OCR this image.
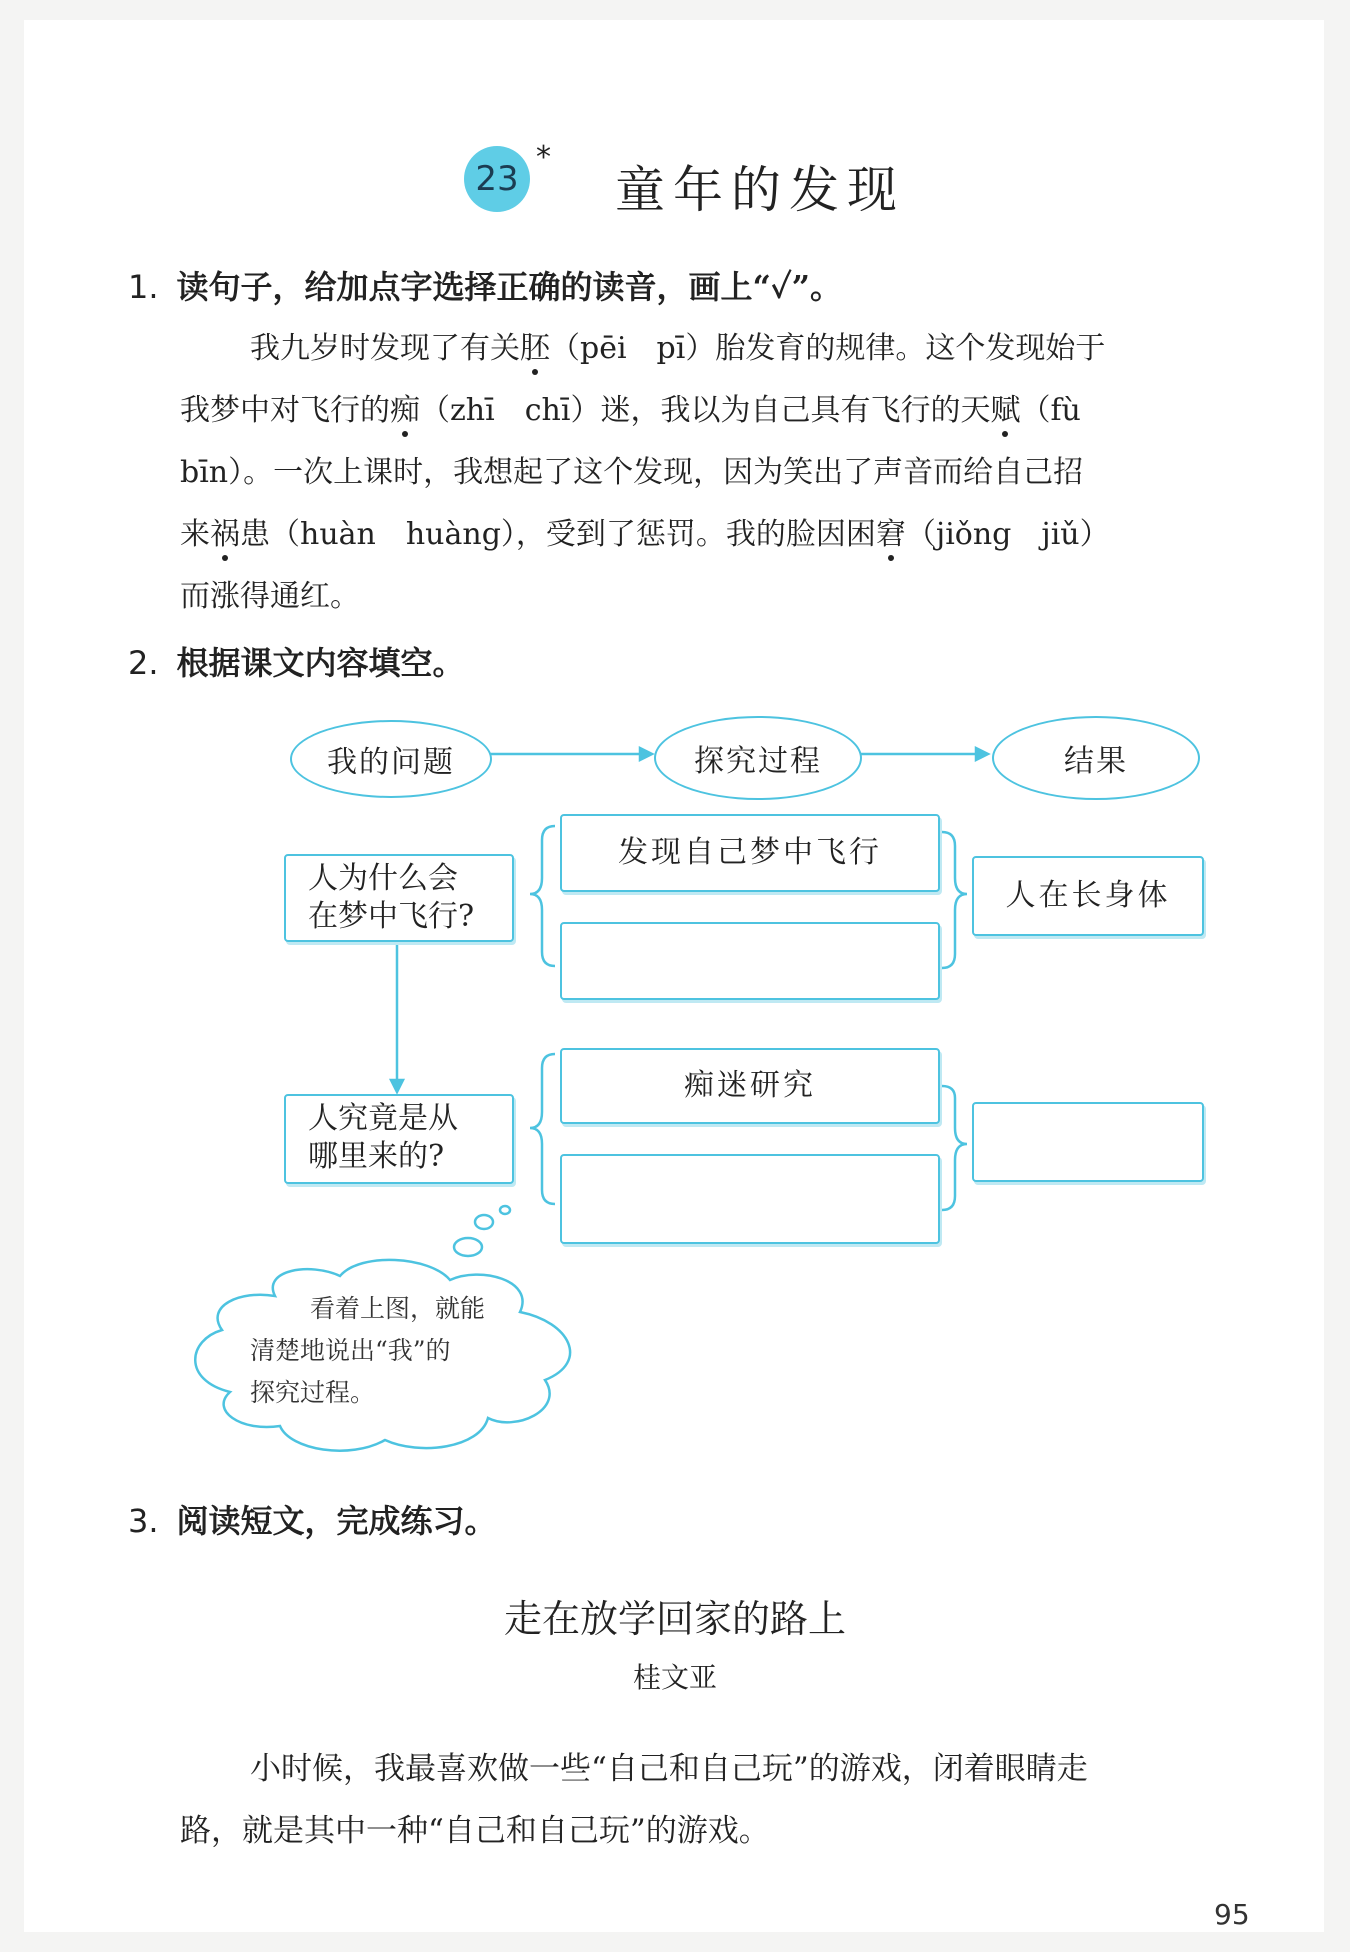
23
*
童年的发现
1. 读句子，给加点字选择正确的读音，画上“✓”。

我九岁时发现了有关胚（pēi　pī）胎发育的规律。这个发现始于

我梦中对飞行的痴（zhī　chī）迷，我以为自己具有飞行的天赋（fù

bīn）。一次上课时，我想起了这个发现，因为笑出了声音而给自己招

来祸患（huàn　huàng），受到了惩罚。我的脸因困窘（jiǒng　jiǔ）

而涨得通红。

2. 根据课文内容填空。
我的问题	探究过程	结果
人为什么会
在梦中飞行?
人究竟是从
哪里来的?
发现自己梦中飞行
痴迷研究
人在长身体
看着上图，就能
清楚地说出“我”的
探究过程。
3. 阅读短文，完成练习。
走在放学回家的路上
桂文亚

小时候，我最喜欢做一些“自己和自己玩”的游戏，闭着眼睛走

路，就是其中一种“自己和自己玩”的游戏。

95
